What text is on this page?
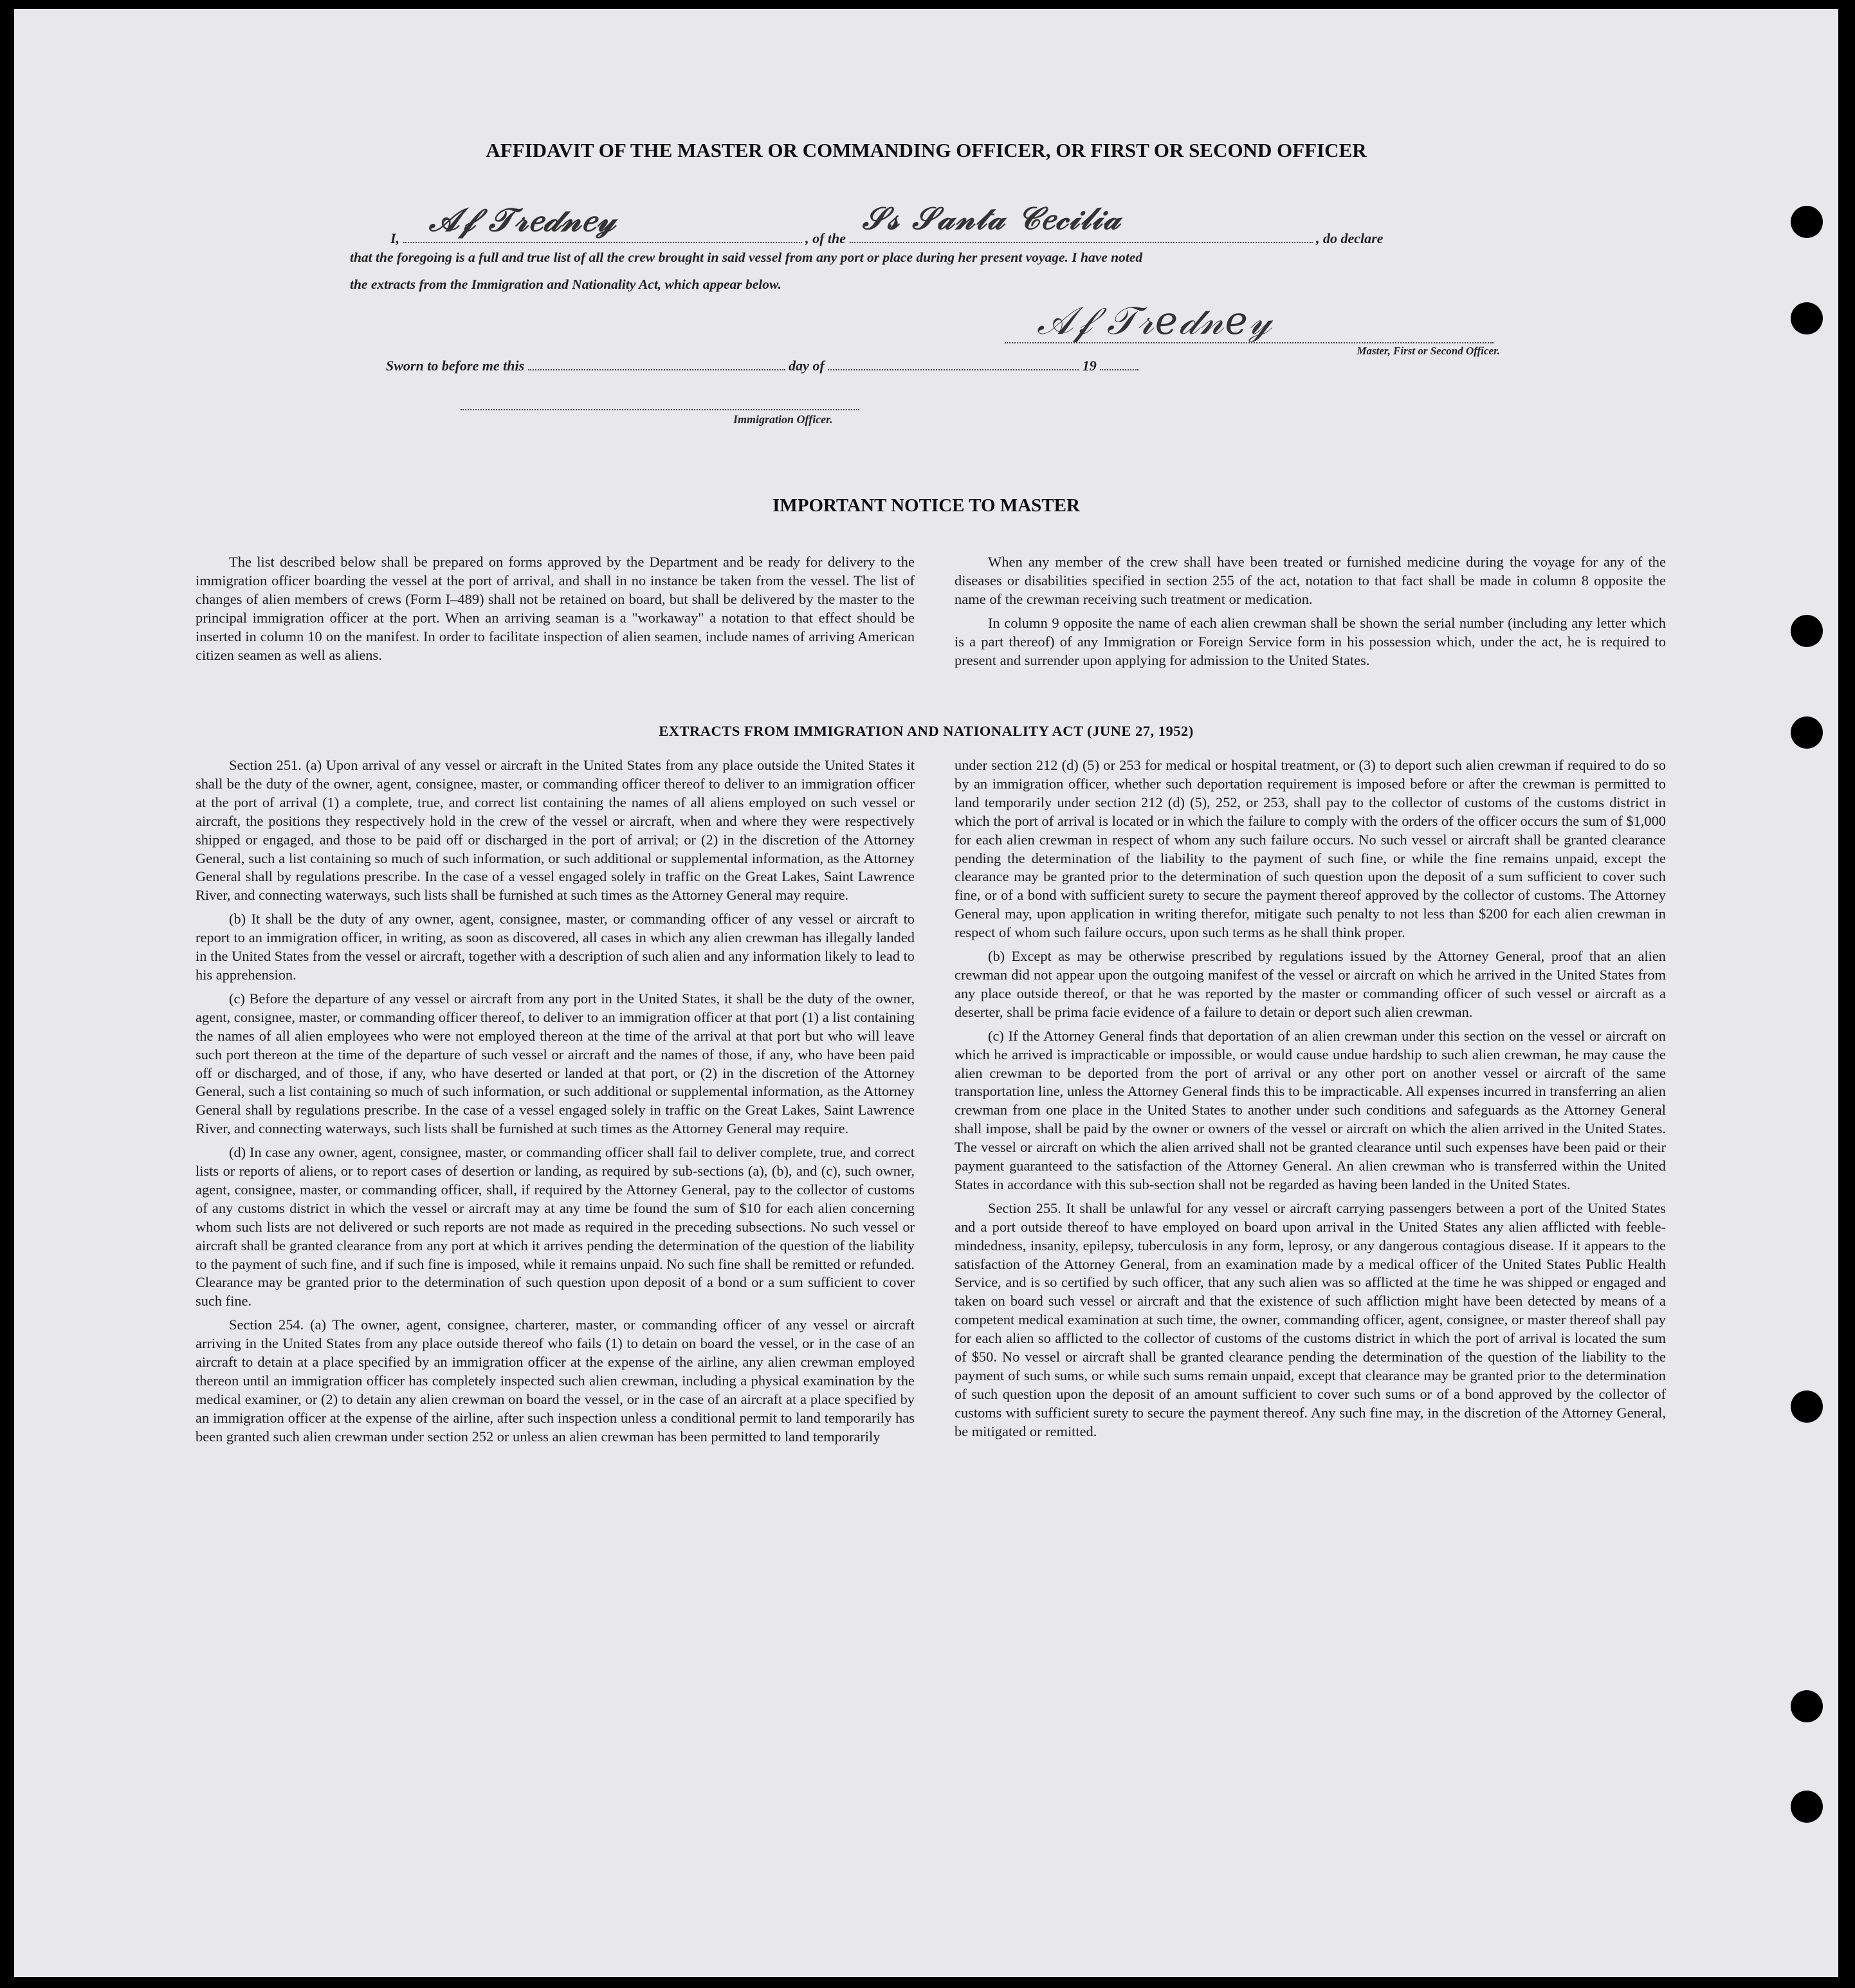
AFFIDAVIT OF THE MASTER OR COMMANDING OFFICER, OR FIRST OR SECOND OFFICER
I, 𝒜𝒻 𝒯𝓇𝑒𝒹𝓃𝑒𝓎	, of the
𝒮𝓈 𝒮𝒶𝓃𝓉𝒶 𝒞𝑒𝒸𝒾𝓁𝒾𝒶
, do declare
that the foregoing is a full and true list of all the crew brought in said vessel from any port or place during her present voyage. I have noted
the extracts from the Immigration and Nationality Act, which appear below.
𝒜𝒻 𝒯𝓇𝑒𝒹𝓃𝑒𝓎
Master, First or Second Officer.
Sworn to before me this	day of	19
Immigration Officer.
IMPORTANT NOTICE TO MASTER

The list described below shall be prepared on forms approved by the Department and be ready for delivery to the immigration officer boarding the vessel at the port of arrival, and shall in no instance be taken from the vessel. The list of changes of alien members of crews (Form I–489) shall not be retained on board, but shall be delivered by the master to the principal immigration officer at the port. When an arriving seaman is a "workaway" a notation to that effect should be inserted in column 10 on the manifest. In order to facilitate inspection of alien seamen, include names of arriving American citizen seamen as well as aliens.

When any member of the crew shall have been treated or furnished medicine during the voyage for any of the diseases or disabilities specified in section 255 of the act, notation to that fact shall be made in column 8 opposite the name of the crewman receiving such treatment or medication.

In column 9 opposite the name of each alien crewman shall be shown the serial number (including any letter which is a part thereof) of any Immigration or Foreign Service form in his possession which, under the act, he is required to present and surrender upon applying for admission to the United States.

EXTRACTS FROM IMMIGRATION AND NATIONALITY ACT (JUNE 27, 1952)

Section 251. (a) Upon arrival of any vessel or aircraft in the United States from any place outside the United States it shall be the duty of the owner, agent, consignee, master, or commanding officer thereof to deliver to an immigration officer at the port of arrival (1) a complete, true, and correct list containing the names of all aliens employed on such vessel or aircraft, the positions they respectively hold in the crew of the vessel or aircraft, when and where they were respectively shipped or engaged, and those to be paid off or discharged in the port of arrival; or (2) in the discretion of the Attorney General, such a list containing so much of such information, or such additional or supplemental information, as the Attorney General shall by regulations prescribe. In the case of a vessel engaged solely in traffic on the Great Lakes, Saint Lawrence River, and connecting waterways, such lists shall be furnished at such times as the Attorney General may require.

(b) It shall be the duty of any owner, agent, consignee, master, or commanding officer of any vessel or aircraft to report to an immigration officer, in writing, as soon as discovered, all cases in which any alien crewman has illegally landed in the United States from the vessel or aircraft, together with a description of such alien and any information likely to lead to his apprehension.

(c) Before the departure of any vessel or aircraft from any port in the United States, it shall be the duty of the owner, agent, consignee, master, or commanding officer thereof, to deliver to an immigration officer at that port (1) a list containing the names of all alien employees who were not employed thereon at the time of the arrival at that port but who will leave such port thereon at the time of the departure of such vessel or aircraft and the names of those, if any, who have been paid off or discharged, and of those, if any, who have deserted or landed at that port, or (2) in the discretion of the Attorney General, such a list containing so much of such information, or such additional or supplemental information, as the Attorney General shall by regulations prescribe. In the case of a vessel engaged solely in traffic on the Great Lakes, Saint Lawrence River, and connecting waterways, such lists shall be furnished at such times as the Attorney General may require.

(d) In case any owner, agent, consignee, master, or commanding officer shall fail to deliver complete, true, and correct lists or reports of aliens, or to report cases of desertion or landing, as required by sub-sections (a), (b), and (c), such owner, agent, consignee, master, or commanding officer, shall, if required by the Attorney General, pay to the collector of customs of any customs district in which the vessel or aircraft may at any time be found the sum of $10 for each alien concerning whom such lists are not delivered or such reports are not made as required in the preceding subsections. No such vessel or aircraft shall be granted clearance from any port at which it arrives pending the determination of the question of the liability to the payment of such fine, and if such fine is imposed, while it remains unpaid. No such fine shall be remitted or refunded. Clearance may be granted prior to the determination of such question upon deposit of a bond or a sum sufficient to cover such fine.

Section 254. (a) The owner, agent, consignee, charterer, master, or commanding officer of any vessel or aircraft arriving in the United States from any place outside thereof who fails (1) to detain on board the vessel, or in the case of an aircraft to detain at a place specified by an immigration officer at the expense of the airline, any alien crewman employed thereon until an immigration officer has completely inspected such alien crewman, including a physical examination by the medical examiner, or (2) to detain any alien crewman on board the vessel, or in the case of an aircraft at a place specified by an immigration officer at the expense of the airline, after such inspection unless a conditional permit to land temporarily has been granted such alien crewman under section 252 or unless an alien crewman has been permitted to land temporarily

under section 212 (d) (5) or 253 for medical or hospital treatment, or (3) to deport such alien crewman if required to do so by an immigration officer, whether such deportation requirement is imposed before or after the crewman is permitted to land temporarily under section 212 (d) (5), 252, or 253, shall pay to the collector of customs of the customs district in which the port of arrival is located or in which the failure to comply with the orders of the officer occurs the sum of $1,000 for each alien crewman in respect of whom any such failure occurs. No such vessel or aircraft shall be granted clearance pending the determination of the liability to the payment of such fine, or while the fine remains unpaid, except the clearance may be granted prior to the determination of such question upon the deposit of a sum sufficient to cover such fine, or of a bond with sufficient surety to secure the payment thereof approved by the collector of customs. The Attorney General may, upon application in writing therefor, mitigate such penalty to not less than $200 for each alien crewman in respect of whom such failure occurs, upon such terms as he shall think proper.

(b) Except as may be otherwise prescribed by regulations issued by the Attorney General, proof that an alien crewman did not appear upon the outgoing manifest of the vessel or aircraft on which he arrived in the United States from any place outside thereof, or that he was reported by the master or commanding officer of such vessel or aircraft as a deserter, shall be prima facie evidence of a failure to detain or deport such alien crewman.

(c) If the Attorney General finds that deportation of an alien crewman under this section on the vessel or aircraft on which he arrived is impracticable or impossible, or would cause undue hardship to such alien crewman, he may cause the alien crewman to be deported from the port of arrival or any other port on another vessel or aircraft of the same transportation line, unless the Attorney General finds this to be impracticable. All expenses incurred in transferring an alien crewman from one place in the United States to another under such conditions and safeguards as the Attorney General shall impose, shall be paid by the owner or owners of the vessel or aircraft on which the alien arrived in the United States. The vessel or aircraft on which the alien arrived shall not be granted clearance until such expenses have been paid or their payment guaranteed to the satisfaction of the Attorney General. An alien crewman who is transferred within the United States in accordance with this sub-section shall not be regarded as having been landed in the United States.

Section 255. It shall be unlawful for any vessel or aircraft carrying passengers between a port of the United States and a port outside thereof to have employed on board upon arrival in the United States any alien afflicted with feeble-mindedness, insanity, epilepsy, tuberculosis in any form, leprosy, or any dangerous contagious disease. If it appears to the satisfaction of the Attorney General, from an examination made by a medical officer of the United States Public Health Service, and is so certified by such officer, that any such alien was so afflicted at the time he was shipped or engaged and taken on board such vessel or aircraft and that the existence of such affliction might have been detected by means of a competent medical examination at such time, the owner, commanding officer, agent, consignee, or master thereof shall pay for each alien so afflicted to the collector of customs of the customs district in which the port of arrival is located the sum of $50. No vessel or aircraft shall be granted clearance pending the determination of the question of the liability to the payment of such sums, or while such sums remain unpaid, except that clearance may be granted prior to the determination of such question upon the deposit of an amount sufficient to cover such sums or of a bond approved by the collector of customs with sufficient surety to secure the payment thereof. Any such fine may, in the discretion of the Attorney General, be mitigated or remitted.
